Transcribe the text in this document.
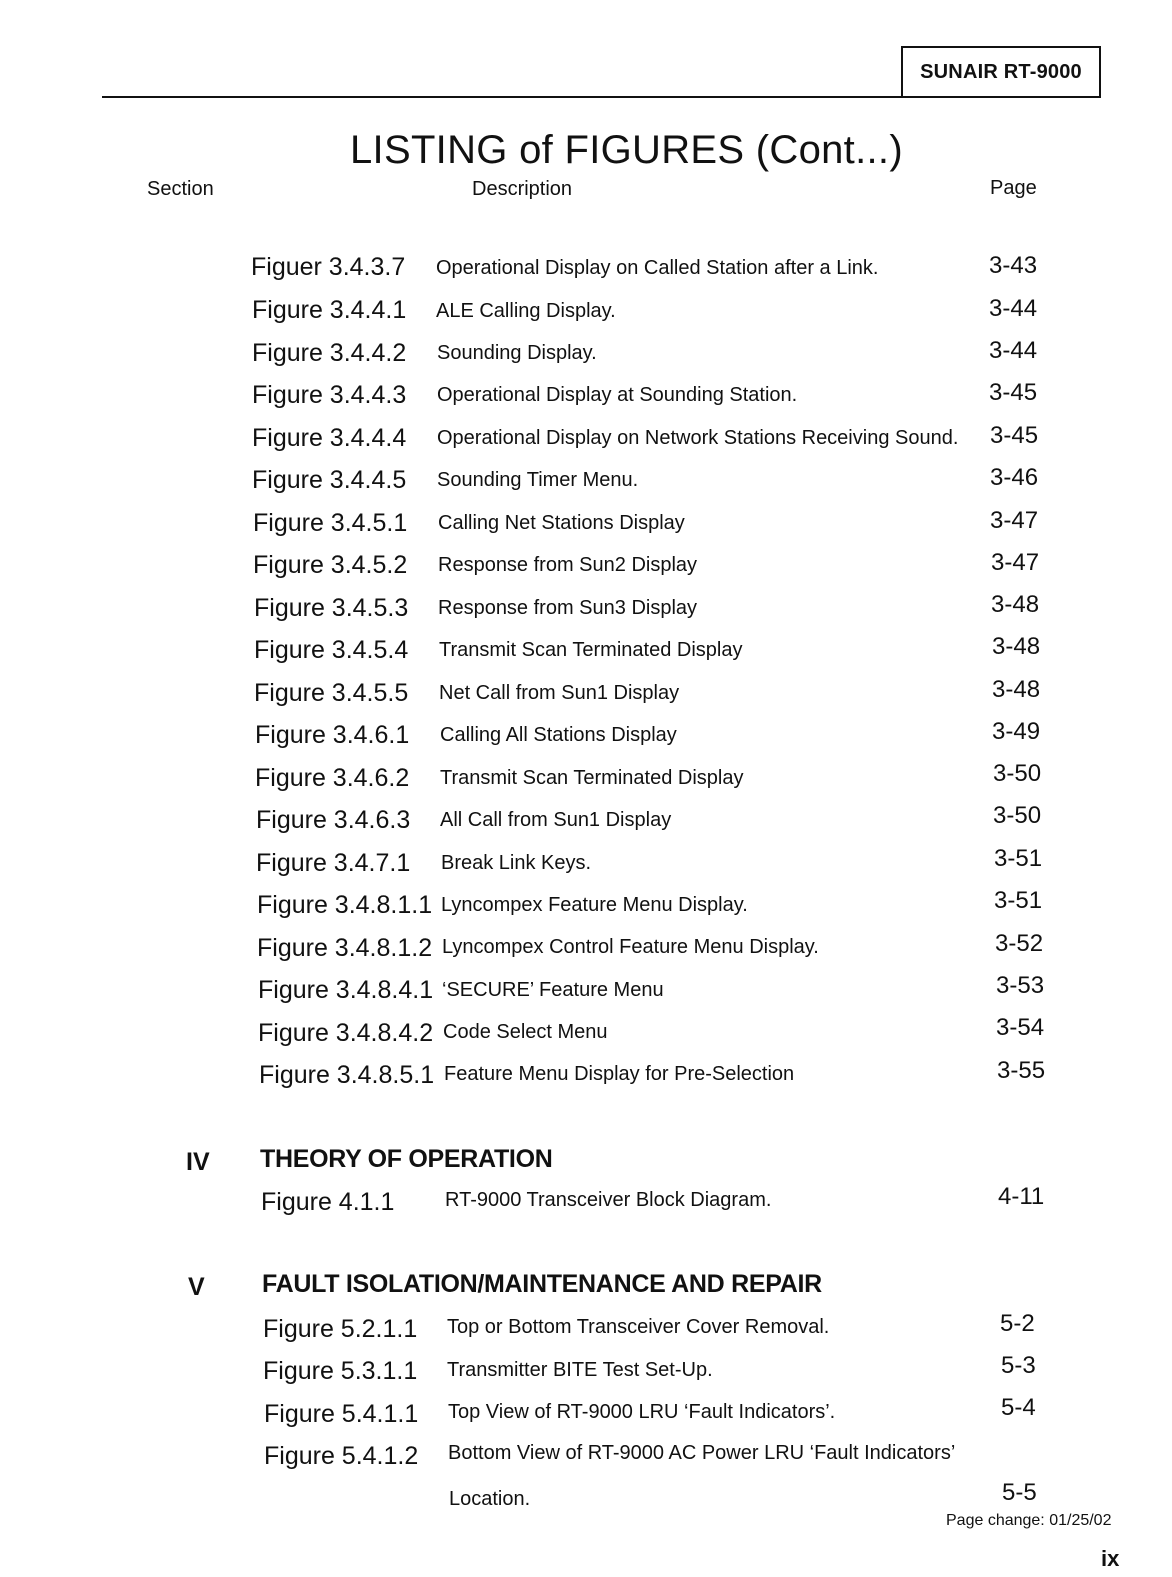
SUNAIR RT-9000
LISTING of FIGURES (Cont...)
Section	Description	Page
Figuer 3.4.3.7 Operational Display on Called Station after a Link.	3-43
Figure 3.4.4.1 ALE Calling Display.	3-44
Figure 3.4.4.2 Sounding Display.	3-44
Figure 3.4.4.3 Operational Display at Sounding Station.	3-45
Figure 3.4.4.4 Operational Display on Network Stations Receiving Sound. 3-45
Figure 3.4.4.5 Sounding Timer Menu.	3-46
Figure 3.4.5.1 Calling Net Stations Display	3-47
Figure 3.4.5.2 Response from Sun2 Display	3-47
Figure 3.4.5.3 Response from Sun3 Display	3-48
Figure 3.4.5.4 Transmit Scan Terminated Display	3-48
Figure 3.4.5.5 Net Call from Sun1 Display	3-48
Figure 3.4.6.1 Calling All Stations Display	3-49
Figure 3.4.6.2 Transmit Scan Terminated Display	3-50
Figure 3.4.6.3 All Call from Sun1 Display	3-50
Figure 3.4.7.1 Break Link Keys.	3-51
Figure 3.4.8.1.1 Lyncompex Feature Menu Display.	3-51
Figure 3.4.8.1.2 Lyncompex Control Feature Menu Display.	3-52
Figure 3.4.8.4.1 ‘SECURE’ Feature Menu	3-53
Figure 3.4.8.4.2 Code Select Menu	3-54
Figure 3.4.8.5.1 Feature Menu Display for Pre-Selection	3-55
IV THEORY OF OPERATION
Figure 4.1.1	RT-9000 Transceiver Block Diagram.	4-11
V FAULT ISOLATION/MAINTENANCE AND REPAIR
Figure 5.2.1.1 Top or Bottom Transceiver Cover Removal.	5-2
Figure 5.3.1.1 Transmitter BITE Test Set-Up.	5-3
Figure 5.4.1.1 Top View of RT-9000 LRU ‘Fault Indicators’.	5-4
Figure 5.4.1.2 Bottom View of RT-9000 AC Power LRU ‘Fault Indicators’
Location.	5-5
Page change: 01/25/02
ix
